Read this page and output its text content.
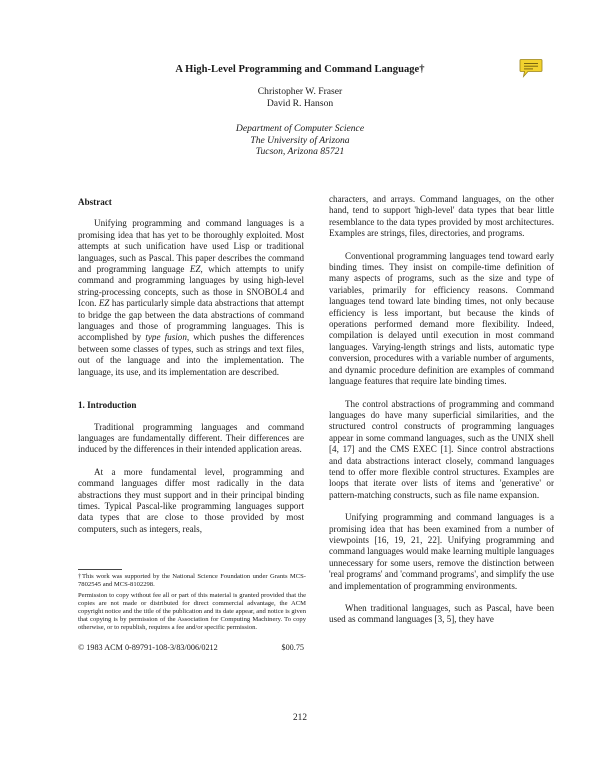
A High-Level Programming and Command Language†
Christopher W. Fraser
David R. Hanson
Department of Computer Science
The University of Arizona
Tucson, Arizona 85721
Abstract

Unifying programming and command languages is a promising idea that has yet to be thoroughly exploited. Most attempts at such unification have used Lisp or traditional languages, such as Pascal. This paper describes the command and programming language EZ, which attempts to unify command and programming languages by using high-level string-processing concepts, such as those in SNOBOL4 and Icon. EZ has particularly simple data abstractions that attempt to bridge the gap between the data abstractions of command languages and those of programming languages. This is accomplished by type fusion, which pushes the differences between some classes of types, such as strings and text files, out of the language and into the implementation. The language, its use, and its implementation are described.

1. Introduction

Traditional programming languages and command languages are fundamentally different. Their differences are induced by the differences in their intended application areas.

At a more fundamental level, programming and command languages differ most radically in the data abstractions they must support and in their principal binding times. Typical Pascal-like programming languages support data types that are close to those provided by most computers, such as integers, reals,

†This work was supported by the National Science Foundation under Grants MCS-7802545 and MCS-8102298.

Permission to copy without fee all or part of this material is granted provided that the copies are not made or distributed for direct commercial advantage, the ACM copyright notice and the title of the publication and its date appear, and notice is given that copying is by permission of the Association for Computing Machinery. To copy otherwise, or to republish, requires a fee and/or specific permission.

© 1983 ACM 0-89791-108-3/83/006/0212	$00.75

characters, and arrays. Command languages, on the other hand, tend to support 'high-level' data types that bear little resemblance to the data types provided by most architectures. Examples are strings, files, directories, and programs.

Conventional programming languages tend toward early binding times. They insist on compile-time definition of many aspects of programs, such as the size and type of variables, primarily for efficiency reasons. Command languages tend toward late binding times, not only because efficiency is less important, but because the kinds of operations performed demand more flexibility. Indeed, compilation is delayed until execution in most command languages. Varying-length strings and lists, automatic type conversion, procedures with a variable number of arguments, and dynamic procedure definition are examples of command language features that require late binding times.

The control abstractions of programming and command languages do have many superficial similarities, and the structured control constructs of programming languages appear in some command languages, such as the UNIX shell [4, 17] and the CMS EXEC [1]. Since control abstractions and data abstractions interact closely, command languages tend to offer more flexible control structures. Examples are loops that iterate over lists of items and 'generative' or pattern-matching constructs, such as file name expansion.

Unifying programming and command languages is a promising idea that has been examined from a number of viewpoints [16, 19, 21, 22]. Unifying programming and command languages would make learning multiple languages unnecessary for some users, remove the distinction between 'real programs' and 'command programs', and simplify the use and implementation of programming environments.

When traditional languages, such as Pascal, have been used as command languages [3, 5], they have

212
